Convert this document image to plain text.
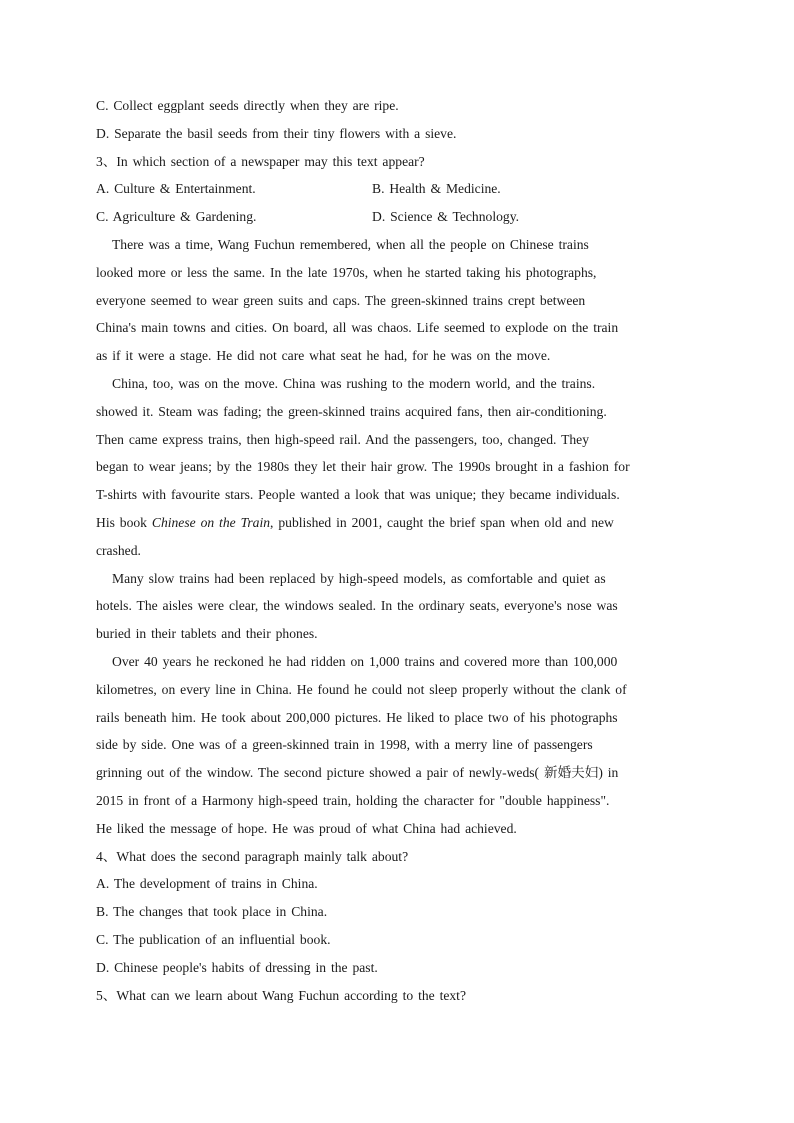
C. Collect eggplant seeds directly when they are ripe.
D. Separate the basil seeds from their tiny flowers with a sieve.
3、In which section of a newspaper may this text appear?
A. Culture & Entertainment.	B. Health & Medicine.
C. Agriculture & Gardening.	D. Science & Technology.
There was a time, Wang Fuchun remembered, when all the people on Chinese trains
looked more or less the same. In the late 1970s, when he started taking his photographs,
everyone seemed to wear green suits and caps. The green-skinned trains crept between
China's main towns and cities. On board, all was chaos. Life seemed to explode on the train
as if it were a stage. He did not care what seat he had, for he was on the move.
China, too, was on the move. China was rushing to the modern world, and the trains.
showed it. Steam was fading; the green-skinned trains acquired fans, then air-conditioning.
Then came express trains, then high-speed rail. And the passengers, too, changed. They
began to wear jeans; by the 1980s they let their hair grow. The 1990s brought in a fashion for
T-shirts with favourite stars. People wanted a look that was unique; they became individuals.
His book Chinese on the Train, published in 2001, caught the brief span when old and new
crashed.
Many slow trains had been replaced by high-speed models, as comfortable and quiet as
hotels. The aisles were clear, the windows sealed. In the ordinary seats, everyone's nose was
buried in their tablets and their phones.
Over 40 years he reckoned he had ridden on 1,000 trains and covered more than 100,000
kilometres, on every line in China. He found he could not sleep properly without the clank of
rails beneath him. He took about 200,000 pictures. He liked to place two of his photographs
side by side. One was of a green-skinned train in 1998, with a merry line of passengers
grinning out of the window. The second picture showed a pair of newly-weds( 新婚夫妇) in
2015 in front of a Harmony high-speed train, holding the character for "double happiness".
He liked the message of hope. He was proud of what China had achieved.
4、What does the second paragraph mainly talk about?
A. The development of trains in China.
B. The changes that took place in China.
C. The publication of an influential book.
D. Chinese people's habits of dressing in the past.
5、What can we learn about Wang Fuchun according to the text?
